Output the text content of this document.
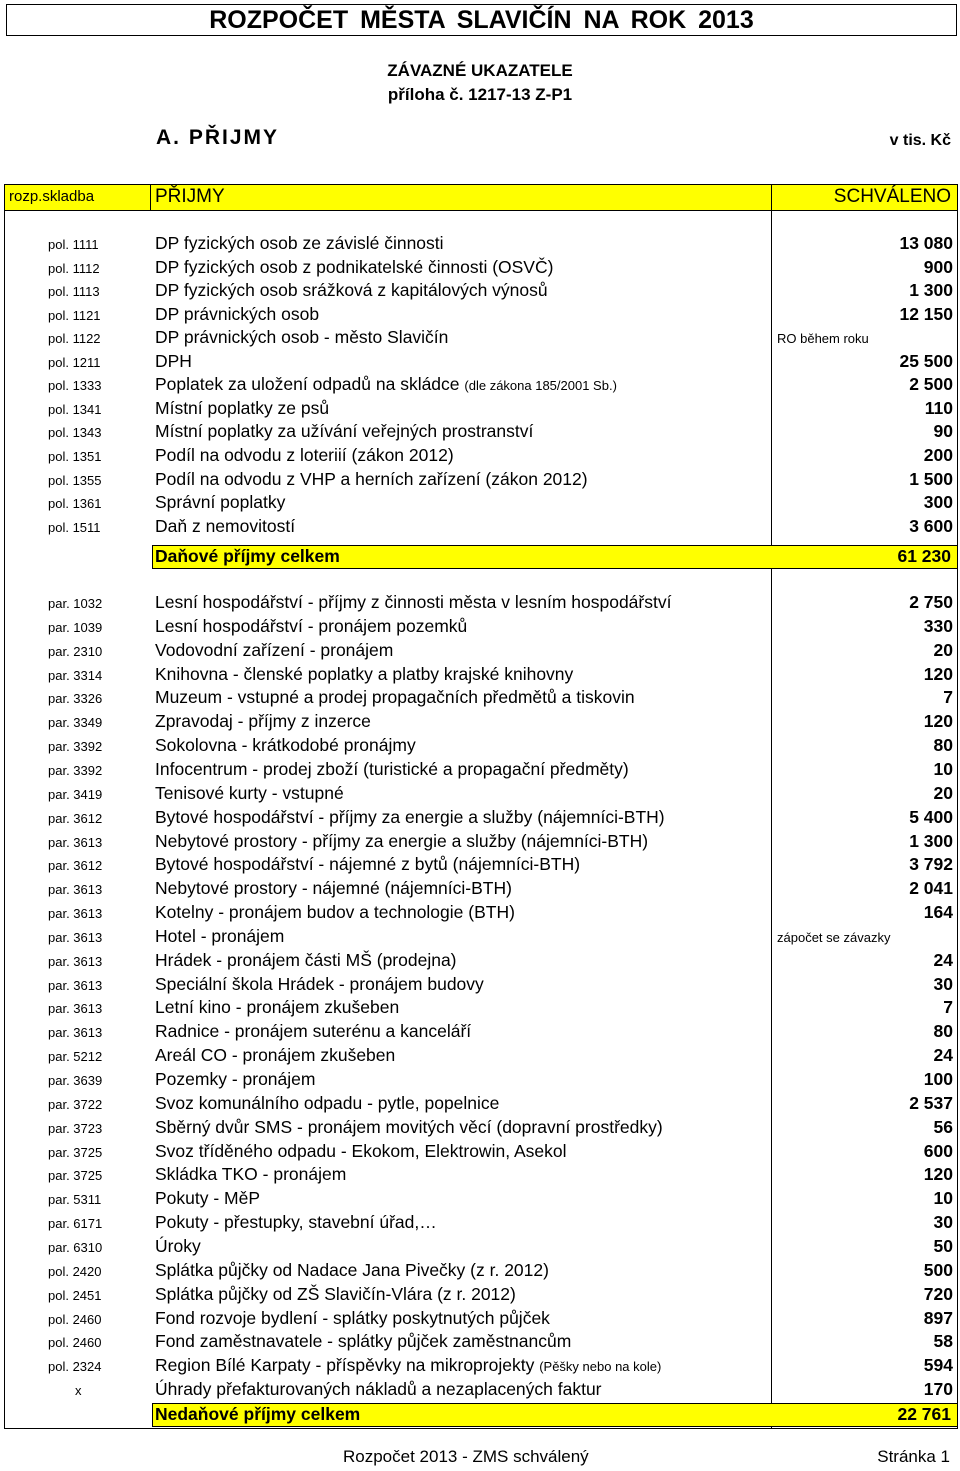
ROZPOČET MĚSTA SLAVIČÍN NA ROK 2013
ZÁVAZNÉ UKAZATELE
příloha č. 1217-13 Z-P1
A. PŘIJMY	v tis. Kč
rozp.skladba	PŘIJMY	SCHVÁLENO
pol. 1111	DP fyzických osob ze závislé činnosti	13 080
pol. 1112	DP fyzických osob z podnikatelské činnosti (OSVČ)	900
pol. 1113	DP fyzických osob srážková z kapitálových výnosů	1 300
pol. 1121	DP právnických osob	12 150
pol. 1122	DP právnických osob - město Slavičín	RO během roku
pol. 1211	DPH	25 500
pol. 1333	Poplatek za uložení odpadů na skládce (dle zákona 185/2001 Sb.)	2 500
pol. 1341	Místní poplatky ze psů	110
pol. 1343	Místní poplatky za užívání veřejných prostranství	90
pol. 1351	Podíl na odvodu z loteriií (zákon 2012)	200
pol. 1355	Podíl na odvodu z VHP a herních zařízení (zákon 2012)	1 500
pol. 1361	Správní poplatky	300
pol. 1511	Daň z nemovitostí	3 600
Daňové příjmy celkem	61 230
par. 1032	Lesní hospodářství - příjmy z činnosti města v lesním hospodářství	2 750
par. 1039	Lesní hospodářství - pronájem pozemků	330
par. 2310	Vodovodní zařízení - pronájem	20
par. 3314	Knihovna - členské poplatky a platby krajské knihovny	120
par. 3326	Muzeum - vstupné a prodej propagačních předmětů a tiskovin	7
par. 3349	Zpravodaj - příjmy z inzerce	120
par. 3392	Sokolovna - krátkodobé pronájmy	80
par. 3392	Infocentrum - prodej zboží (turistické a propagační předměty)	10
par. 3419	Tenisové kurty - vstupné	20
par. 3612	Bytové hospodářství - příjmy za energie a služby (nájemníci-BTH)	5 400
par. 3613	Nebytové prostory - příjmy za energie a služby (nájemníci-BTH)	1 300
par. 3612	Bytové hospodářství - nájemné z bytů (nájemníci-BTH)	3 792
par. 3613	Nebytové prostory - nájemné (nájemníci-BTH)	2 041
par. 3613	Kotelny - pronájem budov a technologie (BTH)	164
par. 3613	Hotel - pronájem	zápočet se závazky
par. 3613	Hrádek - pronájem části MŠ (prodejna)	24
par. 3613	Speciální škola Hrádek - pronájem budovy	30
par. 3613	Letní kino - pronájem zkušeben	7
par. 3613	Radnice - pronájem suterénu a kanceláří	80
par. 5212	Areál CO - pronájem zkušeben	24
par. 3639	Pozemky - pronájem	100
par. 3722	Svoz komunálního odpadu - pytle, popelnice	2 537
par. 3723	Sběrný dvůr SMS - pronájem movitých věcí (dopravní prostředky)	56
par. 3725	Svoz tříděného odpadu - Ekokom, Elektrowin, Asekol	600
par. 3725	Skládka TKO - pronájem	120
par. 5311	Pokuty - MěP	10
par. 6171	Pokuty - přestupky, stavební úřad,…	30
par. 6310	Úroky	50
pol. 2420	Splátka půjčky od Nadace Jana Pivečky (z r. 2012)	500
pol. 2451	Splátka půjčky od ZŠ Slavičín-Vlára (z r. 2012)	720
pol. 2460	Fond rozvoje bydlení - splátky poskytnutých půjček	897
pol. 2460	Fond zaměstnavatele - splátky půjček zaměstnancům	58
pol. 2324	Region Bílé Karpaty - příspěvky na mikroprojekty (Pěšky nebo na kole)	594
x	Úhrady přefakturovaných nákladů a nezaplacených faktur	170
Nedaňové příjmy celkem	22 761
Rozpočet 2013 - ZMS schválený	Stránka 1
